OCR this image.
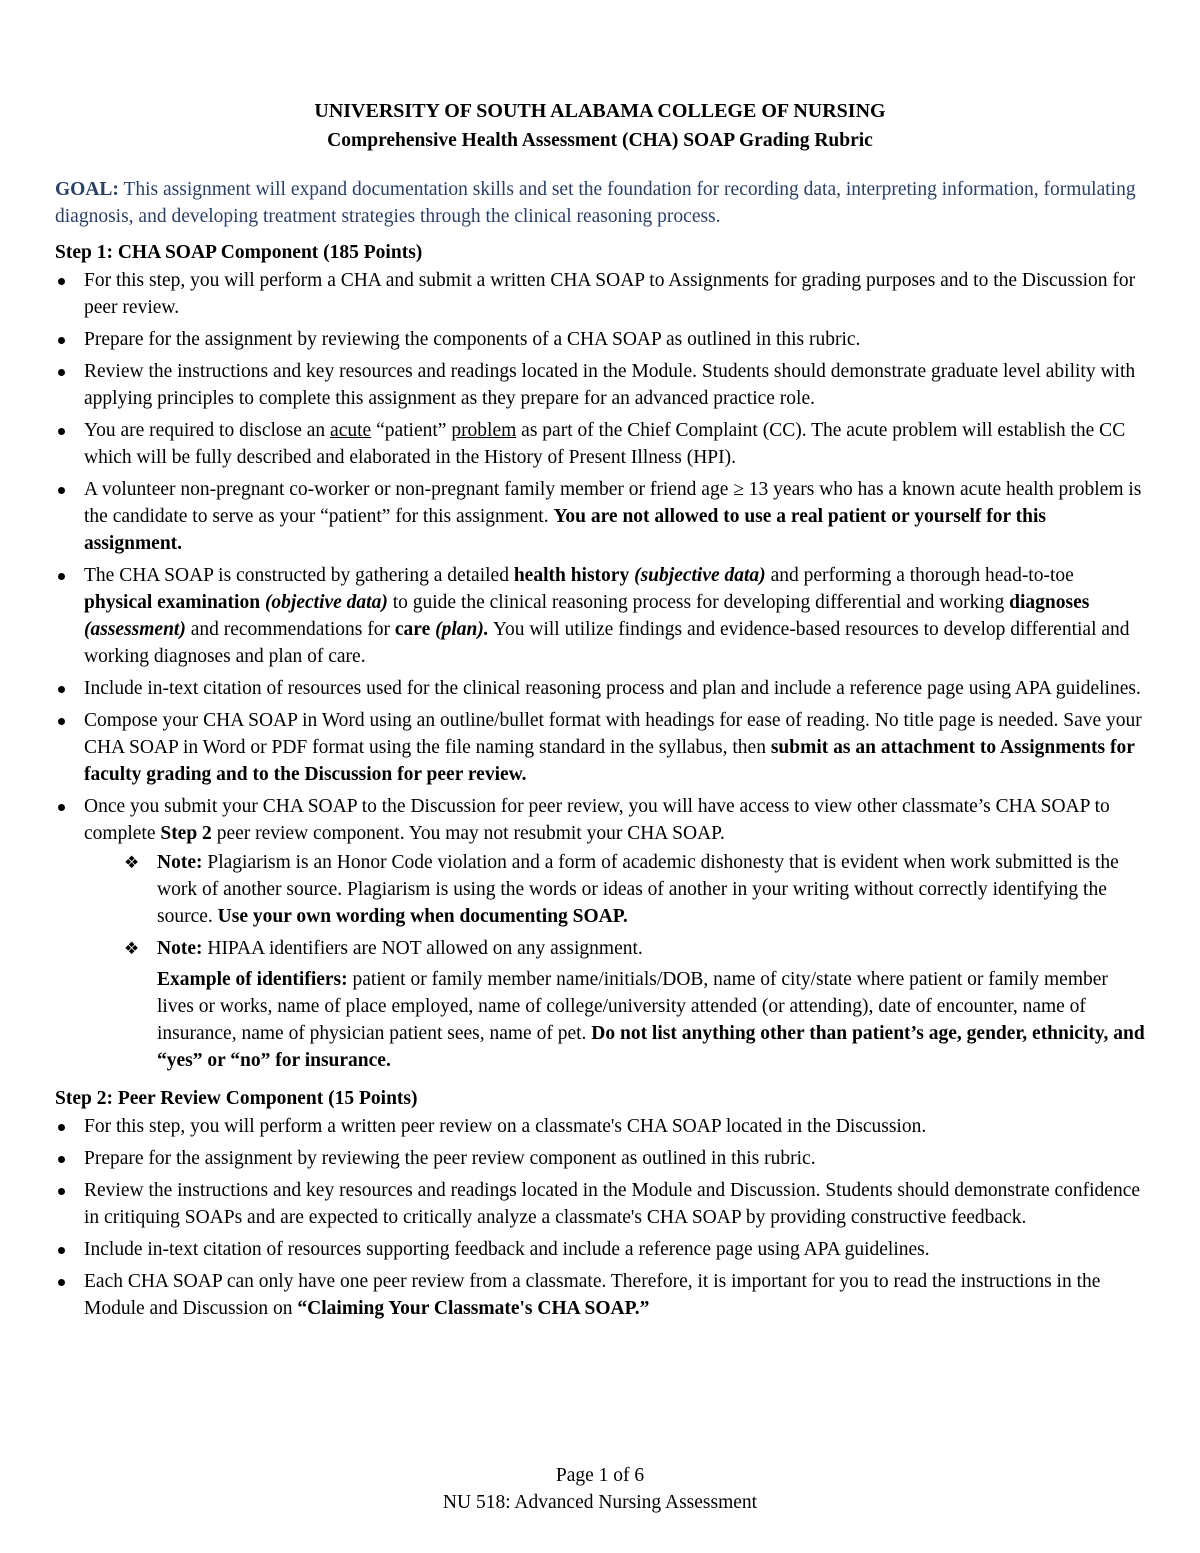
UNIVERSITY OF SOUTH ALABAMA COLLEGE OF NURSING
Comprehensive Health Assessment (CHA) SOAP Grading Rubric
GOAL: This assignment will expand documentation skills and set the foundation for recording data, interpreting information, formulating diagnosis, and developing treatment strategies through the clinical reasoning process.
Step 1: CHA SOAP Component (185 Points)
For this step, you will perform a CHA and submit a written CHA SOAP to Assignments for grading purposes and to the Discussion for peer review.
Prepare for the assignment by reviewing the components of a CHA SOAP as outlined in this rubric.
Review the instructions and key resources and readings located in the Module. Students should demonstrate graduate level ability with applying principles to complete this assignment as they prepare for an advanced practice role.
You are required to disclose an acute “patient” problem as part of the Chief Complaint (CC). The acute problem will establish the CC which will be fully described and elaborated in the History of Present Illness (HPI).
A volunteer non-pregnant co-worker or non-pregnant family member or friend age ≥ 13 years who has a known acute health problem is the candidate to serve as your “patient” for this assignment. You are not allowed to use a real patient or yourself for this assignment.
The CHA SOAP is constructed by gathering a detailed health history (subjective data) and performing a thorough head-to-toe physical examination (objective data) to guide the clinical reasoning process for developing differential and working diagnoses (assessment) and recommendations for care (plan). You will utilize findings and evidence-based resources to develop differential and working diagnoses and plan of care.
Include in-text citation of resources used for the clinical reasoning process and plan and include a reference page using APA guidelines.
Compose your CHA SOAP in Word using an outline/bullet format with headings for ease of reading. No title page is needed. Save your CHA SOAP in Word or PDF format using the file naming standard in the syllabus, then submit as an attachment to Assignments for faculty grading and to the Discussion for peer review.
Once you submit your CHA SOAP to the Discussion for peer review, you will have access to view other classmate’s CHA SOAP to complete Step 2 peer review component. You may not resubmit your CHA SOAP.
❖ Note: Plagiarism is an Honor Code violation and a form of academic dishonesty that is evident when work submitted is the work of another source. Plagiarism is using the words or ideas of another in your writing without correctly identifying the source. Use your own wording when documenting SOAP.
❖ Note: HIPAA identifiers are NOT allowed on any assignment.
Example of identifiers: patient or family member name/initials/DOB, name of city/state where patient or family member lives or works, name of place employed, name of college/university attended (or attending), date of encounter, name of insurance, name of physician patient sees, name of pet. Do not list anything other than patient’s age, gender, ethnicity, and “yes” or “no” for insurance.
Step 2: Peer Review Component (15 Points)
For this step, you will perform a written peer review on a classmate's CHA SOAP located in the Discussion.
Prepare for the assignment by reviewing the peer review component as outlined in this rubric.
Review the instructions and key resources and readings located in the Module and Discussion. Students should demonstrate confidence in critiquing SOAPs and are expected to critically analyze a classmate's CHA SOAP by providing constructive feedback.
Include in-text citation of resources supporting feedback and include a reference page using APA guidelines.
Each CHA SOAP can only have one peer review from a classmate. Therefore, it is important for you to read the instructions in the Module and Discussion on “Claiming Your Classmate's CHA SOAP.”
Page 1 of 6
NU 518: Advanced Nursing Assessment
